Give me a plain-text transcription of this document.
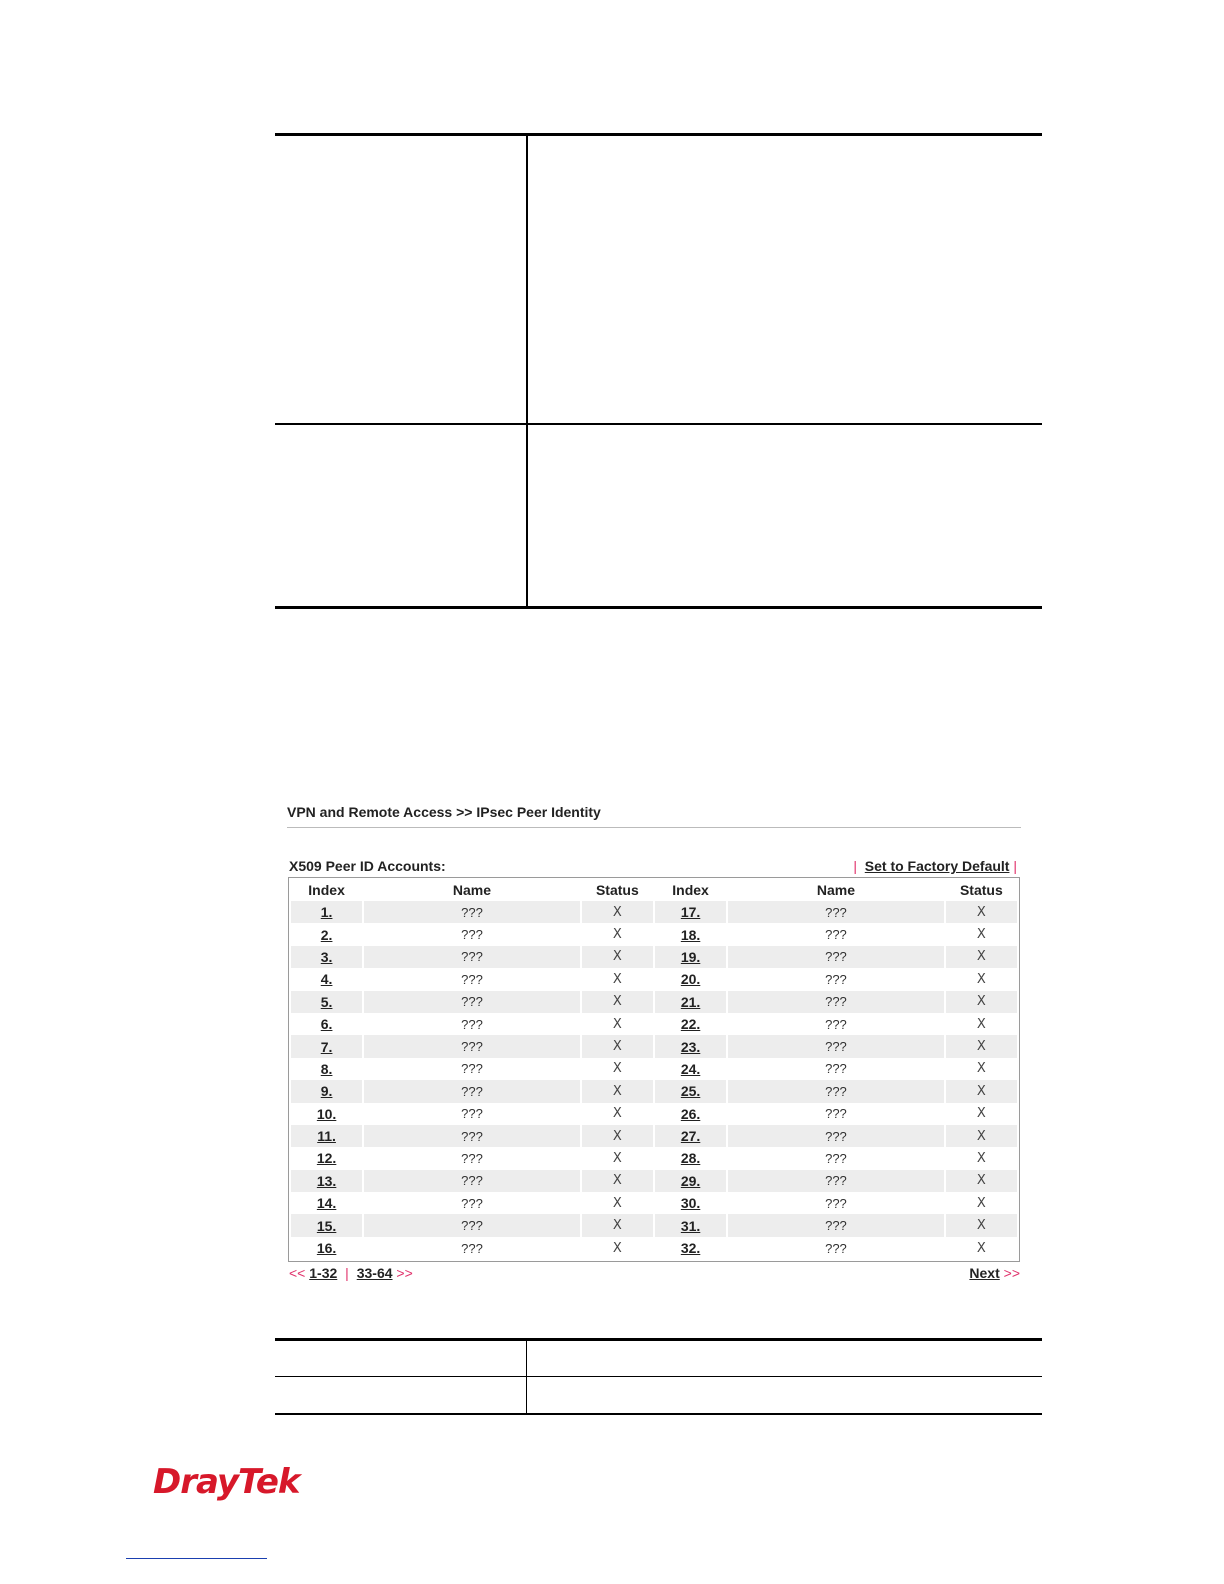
VPN and Remote Access >> IPsec Peer Identity
X509 Peer ID Accounts:	| Set to Factory Default |
Index	Name	Status	Index	Name	Status
1.	???	X	17.	???	X
2.	???	X	18.	???	X
3.	???	X	19.	???	X
4.	???	X	20.	???	X
5.	???	X	21.	???	X
6.	???	X	22.	???	X
7.	???	X	23.	???	X
8.	???	X	24.	???	X
9.	???	X	25.	???	X
10.	???	X	26.	???	X
11.	???	X	27.	???	X
12.	???	X	28.	???	X
13.	???	X	29.	???	X
14.	???	X	30.	???	X
15.	???	X	31.	???	X
16.	???	X	32.	???	X
<< 1-32 | 33-64 >>	Next >>
DrayTek
